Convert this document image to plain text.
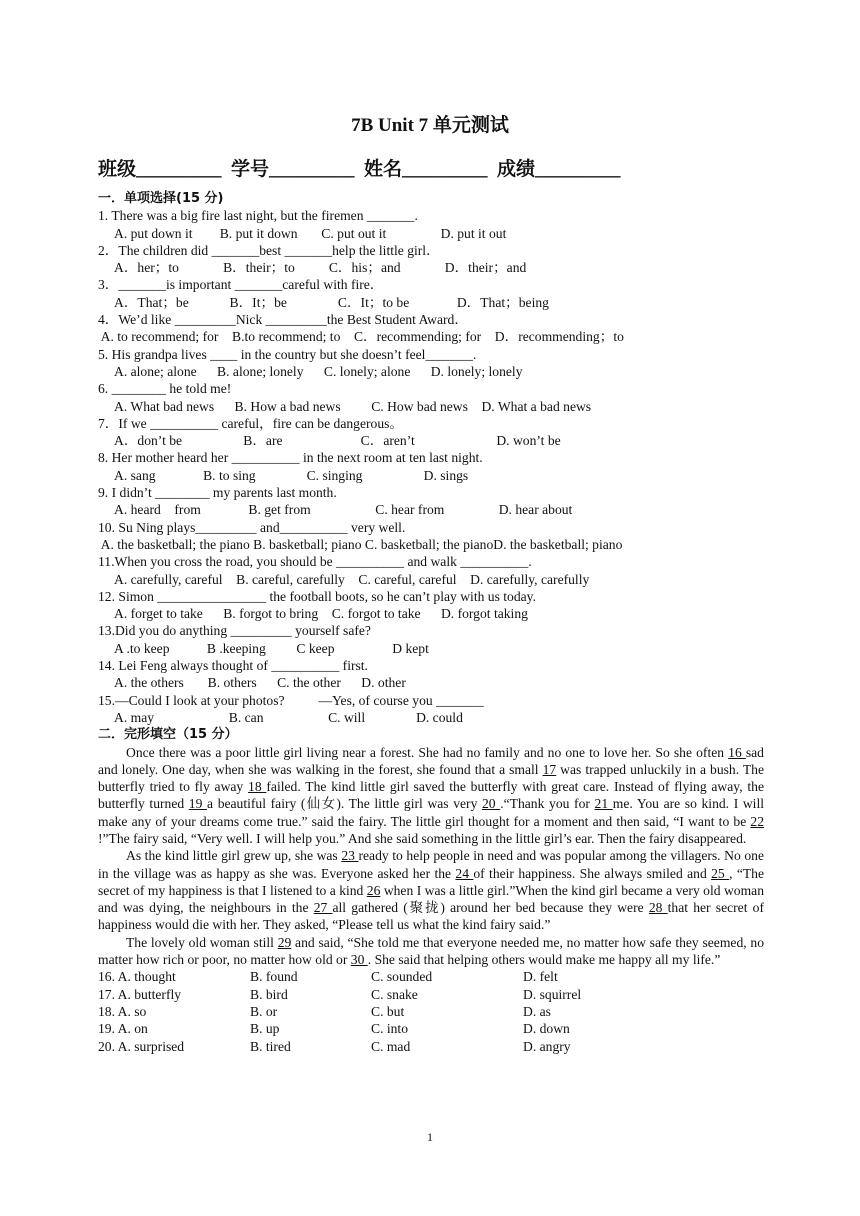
7B Unit 7 单元测试
班级_________  学号_________  姓名_________  成绩_________
一．单项选择(15 分)
1. There was a big fire last night, but the firemen _______.
A. put down it        B. put it down       C. put out it                D. put it out
2．The children did _______best _______help the little girl．
A．her；to             B．their；to          C．his；and             D．their；and
3．_______is important _______careful with fire．
A．That；be            B．It；be               C．It；to be              D．That；being
4．We’d like _________Nick _________the Best Student Award．
A. to recommend; for    B.to recommend; to    C．recommending; for    D．recommending；to
5. His grandpa lives ____ in the country but she doesn’t feel_______.
A. alone; alone      B. alone; lonely      C. lonely; alone      D. lonely; lonely
6. ________ he told me!
A. What bad news      B. How a bad news         C. How bad news    D. What a bad news
7．If we __________ careful，fire can be dangerous。
A．don’t be                  B．are                       C．aren’t                        D. won’t be
8. Her mother heard her __________ in the next room at ten last night.
A. sang              B. to sing               C. singing                  D. sings
9. I didn’t ________ my parents last month.
A. heard    from              B. get from                   C. hear from                D. hear about
10. Su Ning plays_________ and__________ very well.
A. the basketball; the piano B. basketball; piano C. basketball; the pianoD. the basketball; piano
11.When you cross the road, you should be __________ and walk __________.
A. carefully, careful    B. careful, carefully    C. careful, careful    D. carefully, carefully
12. Simon ________________ the football boots, so he can’t play with us today.
A. forget to take      B. forgot to bring    C. forgot to take      D. forgot taking
13.Did you do anything _________ yourself safe?
A .to keep           B .keeping         C keep                 D kept
14. Lei Feng always thought of __________ first.
A. the others       B. others      C. the other      D. other
15.—Could I look at your photos?          —Yes, of course you _______
A. may                      B. can                   C. will               D. could
二．完形填空（15 分）

Once there was a poor little girl living near a forest. She had no family and no one to love her. So she often 16 sad and lonely. One day, when she was walking in the forest, she found that a small 17 was trapped unluckily in a bush. The butterfly tried to fly away 18 failed. The kind little girl saved the butterfly with great care. Instead of flying away, the butterfly turned 19 a beautiful fairy (仙女). The little girl was very 20 .“Thank you for 21 me. You are so kind. I will make any of your dreams come true.” said the fairy. The little girl thought for a moment and then said, “I want to be 22 !”The fairy said, “Very well. I will help you.” And she said something in the little girl’s ear. Then the fairy disappeared.

As the kind little girl grew up, she was 23 ready to help people in need and was popular among the villagers. No one in the village was as happy as she was. Everyone asked her the 24 of their happiness. She always smiled and 25 , “The secret of my happiness is that I listened to a kind 26 when I was a little girl.”When the kind girl became a very old woman and was dying, the neighbours in the 27 all gathered (聚拢) around her bed because they were 28 that her secret of happiness would die with her. They asked, “Please tell us what the kind fairy said.”

The lovely old woman still 29 and said, “She told me that everyone needed me, no matter how safe they seemed, no matter how rich or poor, no matter how old or 30 . She said that helping others would make me happy all my life.”

16. A. thought	B. found	C. sounded	D. felt
17. A. butterfly	B. bird	C. snake	D. squirrel
18. A. so	B. or	C. but	D. as
19. A. on	B. up	C. into	D. down
20. A. surprised	B. tired	C. mad	D. angry
1
